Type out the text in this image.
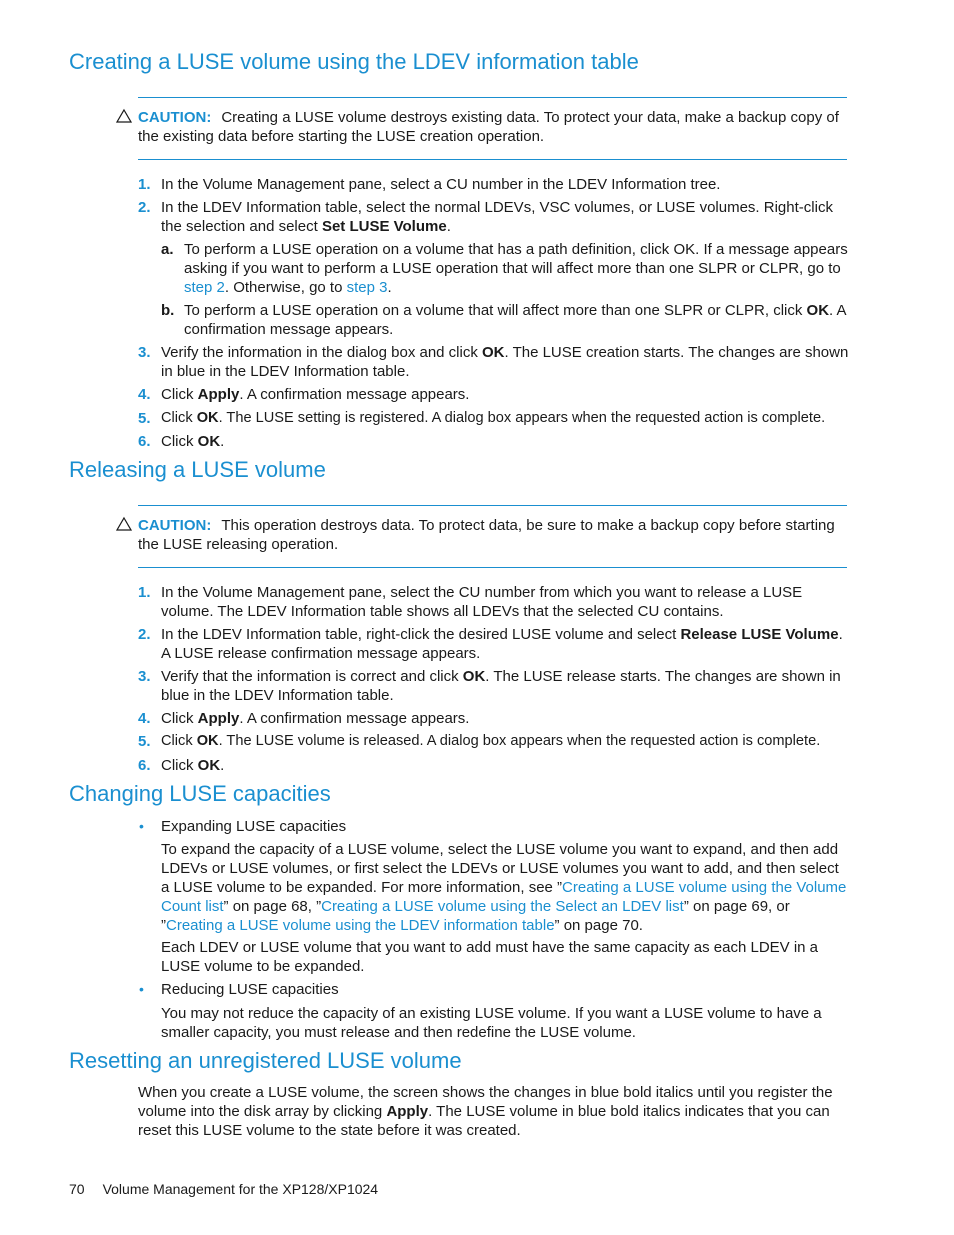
Creating a LUSE volume using the LDEV information table
CAUTION: Creating a LUSE volume destroys existing data. To protect your data, make a backup copy of the existing data before starting the LUSE creation operation.
1. In the Volume Management pane, select a CU number in the LDEV Information tree.
2. In the LDEV Information table, select the normal LDEVs, VSC volumes, or LUSE volumes. Right-click the selection and select Set LUSE Volume.
a. To perform a LUSE operation on a volume that has a path definition, click OK. If a message appears asking if you want to perform a LUSE operation that will affect more than one SLPR or CLPR, go to step 2. Otherwise, go to step 3.
b. To perform a LUSE operation on a volume that will affect more than one SLPR or CLPR, click OK. A confirmation message appears.
3. Verify the information in the dialog box and click OK. The LUSE creation starts. The changes are shown in blue in the LDEV Information table.
4. Click Apply. A confirmation message appears.
5. Click OK. The LUSE setting is registered. A dialog box appears when the requested action is complete.
6. Click OK.
Releasing a LUSE volume
CAUTION: This operation destroys data. To protect data, be sure to make a backup copy before starting the LUSE releasing operation.
1. In the Volume Management pane, select the CU number from which you want to release a LUSE volume. The LDEV Information table shows all LDEVs that the selected CU contains.
2. In the LDEV Information table, right-click the desired LUSE volume and select Release LUSE Volume. A LUSE release confirmation message appears.
3. Verify that the information is correct and click OK. The LUSE release starts. The changes are shown in blue in the LDEV Information table.
4. Click Apply. A confirmation message appears.
5. Click OK. The LUSE volume is released. A dialog box appears when the requested action is complete.
6. Click OK.
Changing LUSE capacities
• Expanding LUSE capacities
To expand the capacity of a LUSE volume, select the LUSE volume you want to expand, and then add LDEVs or LUSE volumes, or first select the LDEVs or LUSE volumes you want to add, and then select a LUSE volume to be expanded. For more information, see ”Creating a LUSE volume using the Volume Count list” on page 68, ”Creating a LUSE volume using the Select an LDEV list” on page 69, or ”Creating a LUSE volume using the LDEV information table” on page 70.
Each LDEV or LUSE volume that you want to add must have the same capacity as each LDEV in a LUSE volume to be expanded.
• Reducing LUSE capacities
You may not reduce the capacity of an existing LUSE volume. If you want a LUSE volume to have a smaller capacity, you must release and then redefine the LUSE volume.
Resetting an unregistered LUSE volume
When you create a LUSE volume, the screen shows the changes in blue bold italics until you register the volume into the disk array by clicking Apply. The LUSE volume in blue bold italics indicates that you can reset this LUSE volume to the state before it was created.
70 Volume Management for the XP128/XP1024
